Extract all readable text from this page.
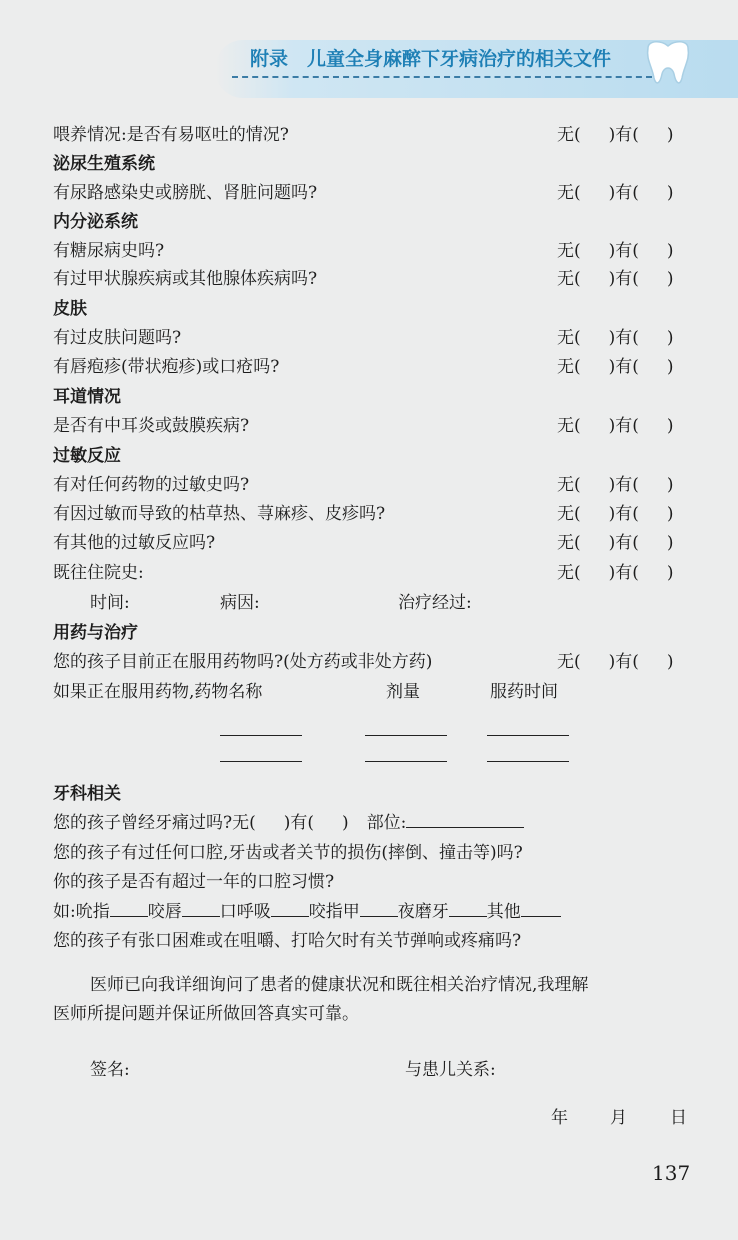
附录　儿童全身麻醉下牙病治疗的相关文件
喂养情况:是否有易呕吐的情况?	无( )有( )
泌尿生殖系统
有尿路感染史或膀胱、肾脏问题吗?	无( )有( )
内分泌系统
有糖尿病史吗?	无( )有( )
有过甲状腺疾病或其他腺体疾病吗?	无( )有( )
皮肤
有过皮肤问题吗?	无( )有( )
有唇疱疹(带状疱疹)或口疮吗?	无( )有( )
耳道情况
是否有中耳炎或鼓膜疾病?	无( )有( )
过敏反应
有对任何药物的过敏史吗?	无( )有( )
有因过敏而导致的枯草热、荨麻疹、皮疹吗?	无( )有( )
有其他的过敏反应吗?	无( )有( )
既往住院史:	无( )有( )
时间:	病因:	治疗经过:
用药与治疗
您的孩子目前正在服用药物吗?(处方药或非处方药)	无( )有( )
如果正在服用药物,药物名称	剂量	服药时间
牙科相关
您的孩子曾经牙痛过吗?无( )有( ) 部位:
您的孩子有过任何口腔,牙齿或者关节的损伤(摔倒、撞击等)吗?
你的孩子是否有超过一年的口腔习惯?
如:吮指 咬唇 口呼吸 咬指甲 夜磨牙 其他
您的孩子有张口困难或在咀嚼、打哈欠时有关节弹响或疼痛吗?
医师已向我详细询问了患者的健康状况和既往相关治疗情况,我理解
医师所提问题并保证所做回答真实可靠。
签名:	与患儿关系:
年 月	日
137
